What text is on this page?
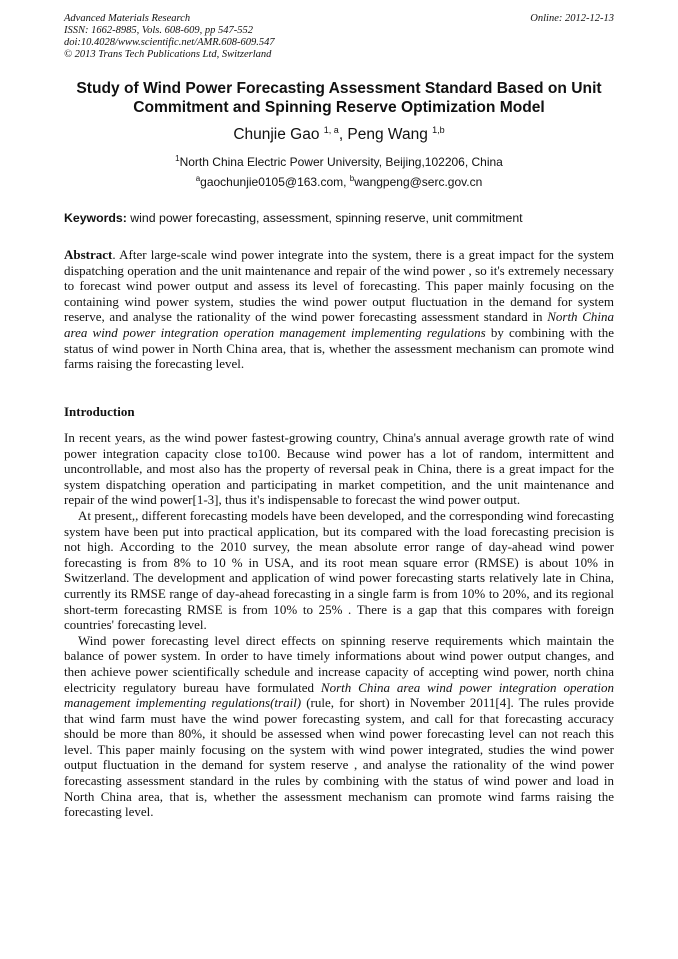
Advanced Materials Research
ISSN: 1662-8985, Vols. 608-609, pp 547-552
doi:10.4028/www.scientific.net/AMR.608-609.547
© 2013 Trans Tech Publications Ltd, Switzerland
Online: 2012-12-13
Study of Wind Power Forecasting Assessment Standard Based on Unit
Commitment and Spinning Reserve Optimization Model
Chunjie Gao $^{1, a}$, Peng Wang $^{1,b}$
$^1$North China Electric Power University, Beijing,102206, China
$^a$gaochunjie0105@163.com, $^b$wangpeng@serc.gov.cn
Keywords: wind power forecasting, assessment, spinning reserve, unit commitment

Abstract. After large-scale wind power integrate into the system, there is a great impact for the system dispatching operation and the unit maintenance and repair of the wind power , so it's extremely necessary to forecast wind power output and assess its level of forecasting. This paper mainly focusing on the containing wind power system, studies the wind power output fluctuation in the demand for system reserve, and analyse the rationality of the wind power forecasting assessment standard in North China area wind power integration operation management implementing regulations by combining with the status of wind power in North China area, that is, whether the assessment mechanism can promote wind farms raising the forecasting level.

Introduction

In recent years, as the wind power fastest-growing country, China's annual average growth rate of wind power integration capacity close to100. Because wind power has a lot of random, intermittent and uncontrollable, and most also has the property of reversal peak in China, there is a great impact for the system dispatching operation and participating in market competition, and the unit maintenance and repair of the wind power[1-3], thus it's indispensable to forecast the wind power output.

At present,, different forecasting models have been developed, and the corresponding wind forecasting system have been put into practical application, but its compared with the load forecasting precision is not high. According to the 2010 survey, the mean absolute error range of day-ahead wind power forecasting is from 8% to 10 % in USA, and its root mean square error (RMSE) is about 10% in Switzerland. The development and application of wind power forecasting starts relatively late in China, currently its RMSE range of day-ahead forecasting in a single farm is from 10% to 20%, and its regional short-term forecasting RMSE is from 10% to 25% . There is a gap that this compares with foreign countries' forecasting level.

Wind power forecasting level direct effects on spinning reserve requirements which maintain the balance of power system. In order to have timely informations about wind power output changes, and then achieve power scientifically schedule and increase capacity of accepting wind power, north china electricity regulatory bureau have formulated North China area wind power integration operation management implementing regulations(trail) (rule, for short) in November 2011[4]. The rules provide that wind farm must have the wind power forecasting system, and call for that forecasting accuracy should be more than 80%, it should be assessed when wind power forecasting level can not reach this level. This paper mainly focusing on the system with wind power integrated, studies the wind power output fluctuation in the demand for system reserve , and analyse the rationality of the wind power forecasting assessment standard in the rules by combining with the status of wind power and load in North China area, that is, whether the assessment mechanism can promote wind farms raising the forecasting level.
